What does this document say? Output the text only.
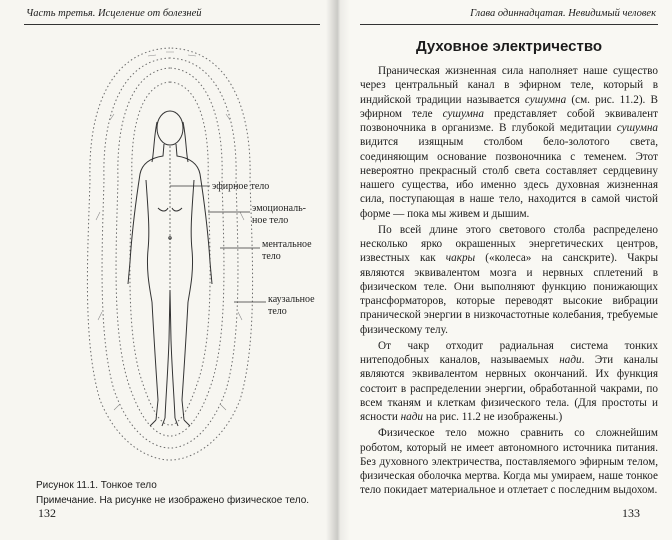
Часть третья. Исцеление от болезней
эфирное тело
эмоциональ-
ное тело
ментальное
тело
каузальное
тело
Рисунок 11.1. Тонкое тело
Примечание. На рисунке не изображено физическое тело.
132
Глава одиннадцатая. Невидимый человек
Духовное электричество

Праническая жизненная сила наполняет наше существо через центральный канал в эфирном теле, который в индийской традиции называется сушумна (см. рис. 11.2). В эфирном теле сушумна представляет собой эквивалент позвоночника в организме. В глубокой медитации сушумна видится изящным столбом бело-золотого света, соединяющим основание позвоночника с теменем. Этот невероятно прекрасный столб света составляет сердцевину нашего существа, ибо именно здесь духовная жизненная сила, поступающая в наше тело, находится в самой чистой форме — пока мы живем и дышим.

По всей длине этого светового столба распределено несколько ярко окрашенных энергетических центров, известных как чакры («колеса» на санскрите). Чакры являются эквивалентом мозга и нервных сплетений в физическом теле. Они выполняют функцию понижающих трансформаторов, которые переводят высокие вибрации пранической энергии в низкочастотные колебания, требуемые физическому телу.

От чакр отходит радиальная система тонких нитеподобных каналов, называемых нади. Эти каналы являются эквивалентом нервных окончаний. Их функция состоит в распределении энергии, обработанной чакрами, по всем тканям и клеткам физического тела. (Для простоты и ясности нади на рис. 11.2 не изображены.)

Физическое тело можно сравнить со сложнейшим роботом, который не имеет автономного источника питания. Без духовного электричества, поставляемого эфирным телом, физическая оболочка мертва. Когда мы умираем, наше тонкое тело покидает материальное и отлетает с последним выдохом.

133
